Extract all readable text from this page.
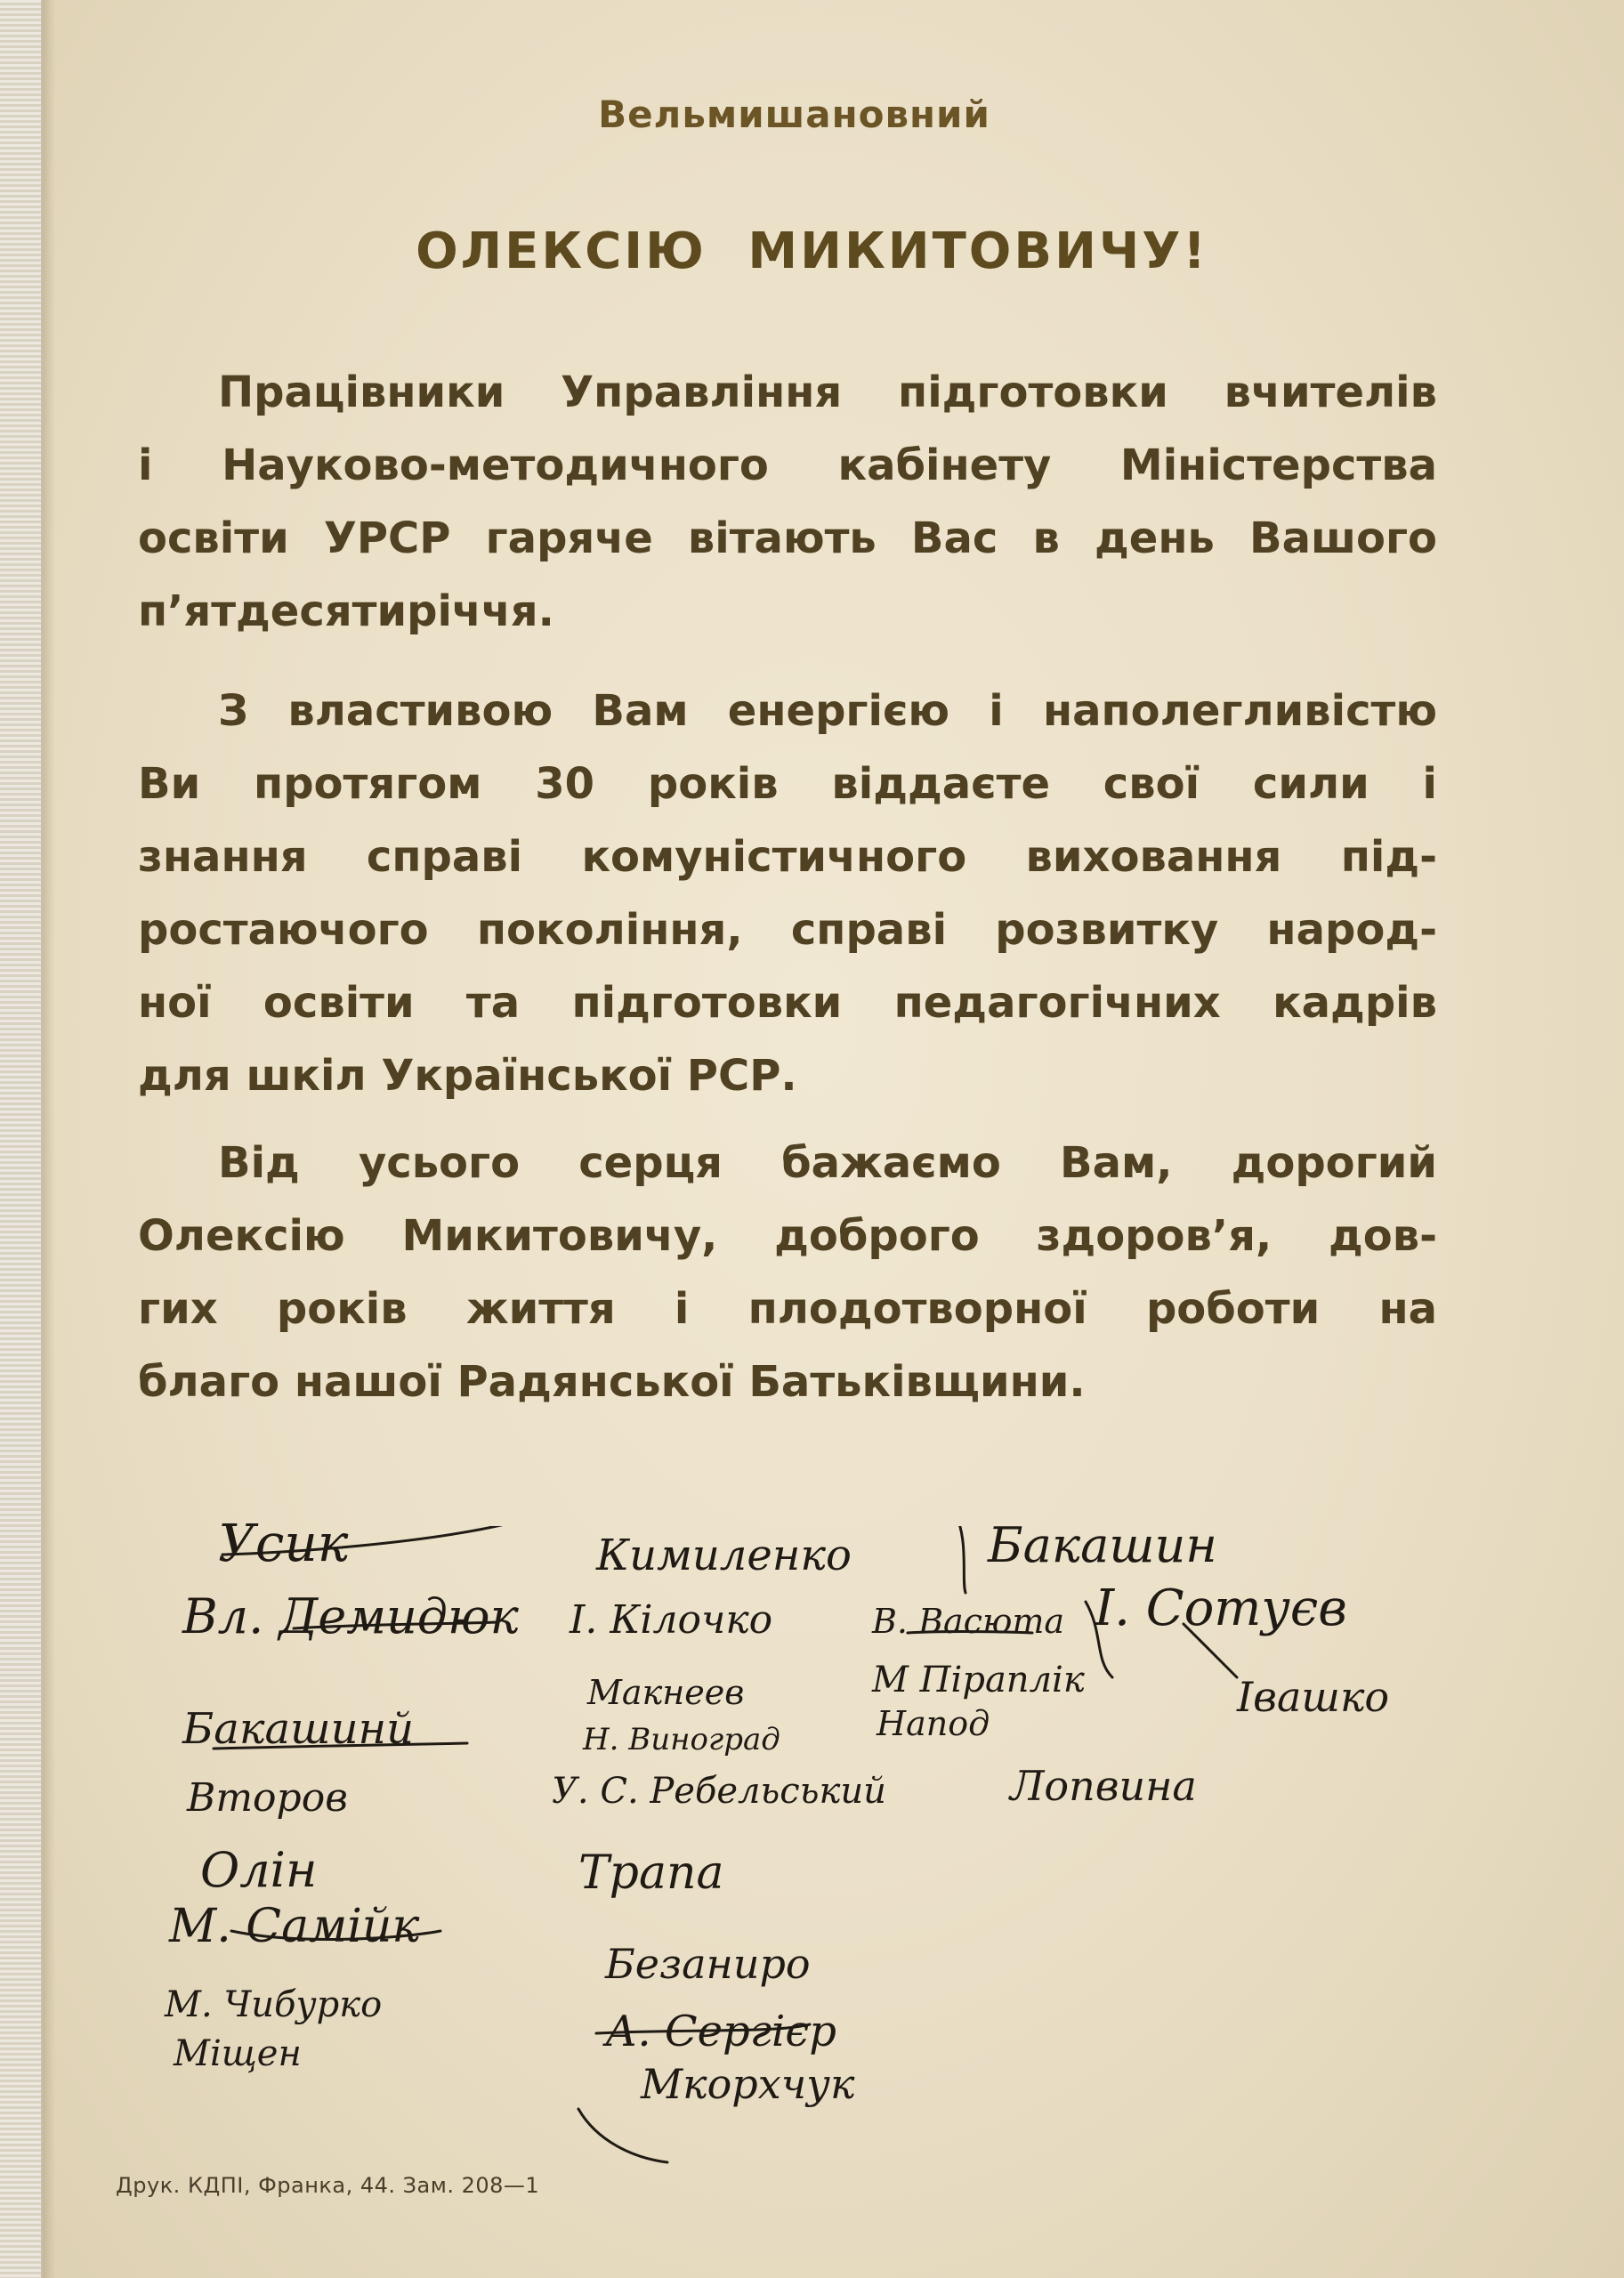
Вельмишановний
ОЛЕКСІЮ МИКИТОВИЧУ!
Працівники Управління підготовки вчителів
і Науково-методичного кабінету Міністерства
освіти УРСР гаряче вітають Вас в день Вашого
п’ятдесятиріччя.
З властивою Вам енергією і наполегливістю
Ви протягом 30 років віддаєте свої сили і
знання справі комуністичного виховання під-
ростаючого покоління, справі розвитку народ-
ної освіти та підготовки педагогічних кадрів
для шкіл Української РСР.
Від усього серця бажаємо Вам, дорогий
Олексію Микитовичу, доброго здоров’я, дов-
гих років життя і плодотворної роботи на
благо нашої Радянської Батьківщини.
Усик
Вл. Демидюк
Бакашинй
Второв
Олін
М. Самійк
М. Чибурко
Міщен
Кимиленко
І. Кілочко
Макнеев
Н. Виноград
У. С. Ребельський
Трапа
Безаниро
А. Сергієр
Мкорхчук
Бакашин
І. Сотуєв
В. Васюта
М Піраплік
Напод
Івашко
Лопвина
Друк. КДПІ, Франка, 44. Зам. 208—1
